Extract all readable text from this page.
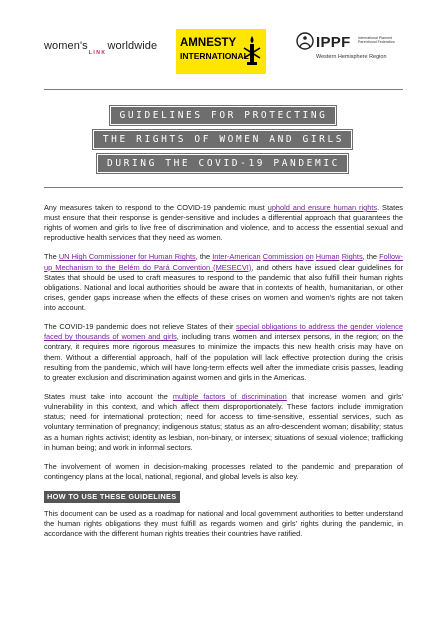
women'sLINKworldwide AMNESTY
INTERNATIONAL
IPPF International Planned Parenthood Federation
Western Hemisphere Region
GUIDELINES FOR PROTECTING
THE RIGHTS OF WOMEN AND GIRLS
DURING THE COVID-19 PANDEMIC

Any measures taken to respond to the COVID-19 pandemic must uphold and ensure human rights. States must ensure that their response is gender-sensitive and includes a differential approach that guarantees the rights of women and girls to live free of discrimination and violence, and to access the essential sexual and reproductive health services that they need as women.

The UN High Commissioner for Human Rights, the Inter-American Commission on Human Rights, the Follow-up Mechanism to the Belém do Pará Convention (MESECVI), and others have issued clear guidelines for States that should be used to craft measures to respond to the pandemic that also fulfill their human rights obligations. National and local authorities should be aware that in contexts of health, humanitarian, or other crises, gender gaps increase when the effects of these crises on women and women's rights are not taken into account.

The COVID-19 pandemic does not relieve States of their special obligations to address the gender violence faced by thousands of women and girls, including trans women and intersex persons, in the region; on the contrary, it requires more rigorous measures to minimize the impacts this new health crisis may have on them. Without a differential approach, half of the population will lack effective protection during the crisis resulting from the pandemic, which will have long-term effects well after the immediate crisis passes, leading to greater exclusion and discrimination against women and girls in the Americas.

States must take into account the multiple factors of discrimination that increase women and girls' vulnerability in this context, and which affect them disproportionately. These factors include immigration status; need for international protection; need for access to time-sensitive, essential services, such as voluntary termination of pregnancy; indigenous status; status as an afro-descendent woman; disability; status as a human rights activist; identity as lesbian, non-binary, or intersex; situations of sexual violence; trafficking in human being; and work in informal sectors.

The involvement of women in decision-making processes related to the pandemic and preparation of contingency plans at the local, national, regional, and global levels is also key.

HOW TO USE THESE GUIDELINES

This document can be used as a roadmap for national and local government authorities to better understand the human rights obligations they must fulfill as regards women and girls' rights during the pandemic, in accordance with the different human rights treaties their countries have ratified.
